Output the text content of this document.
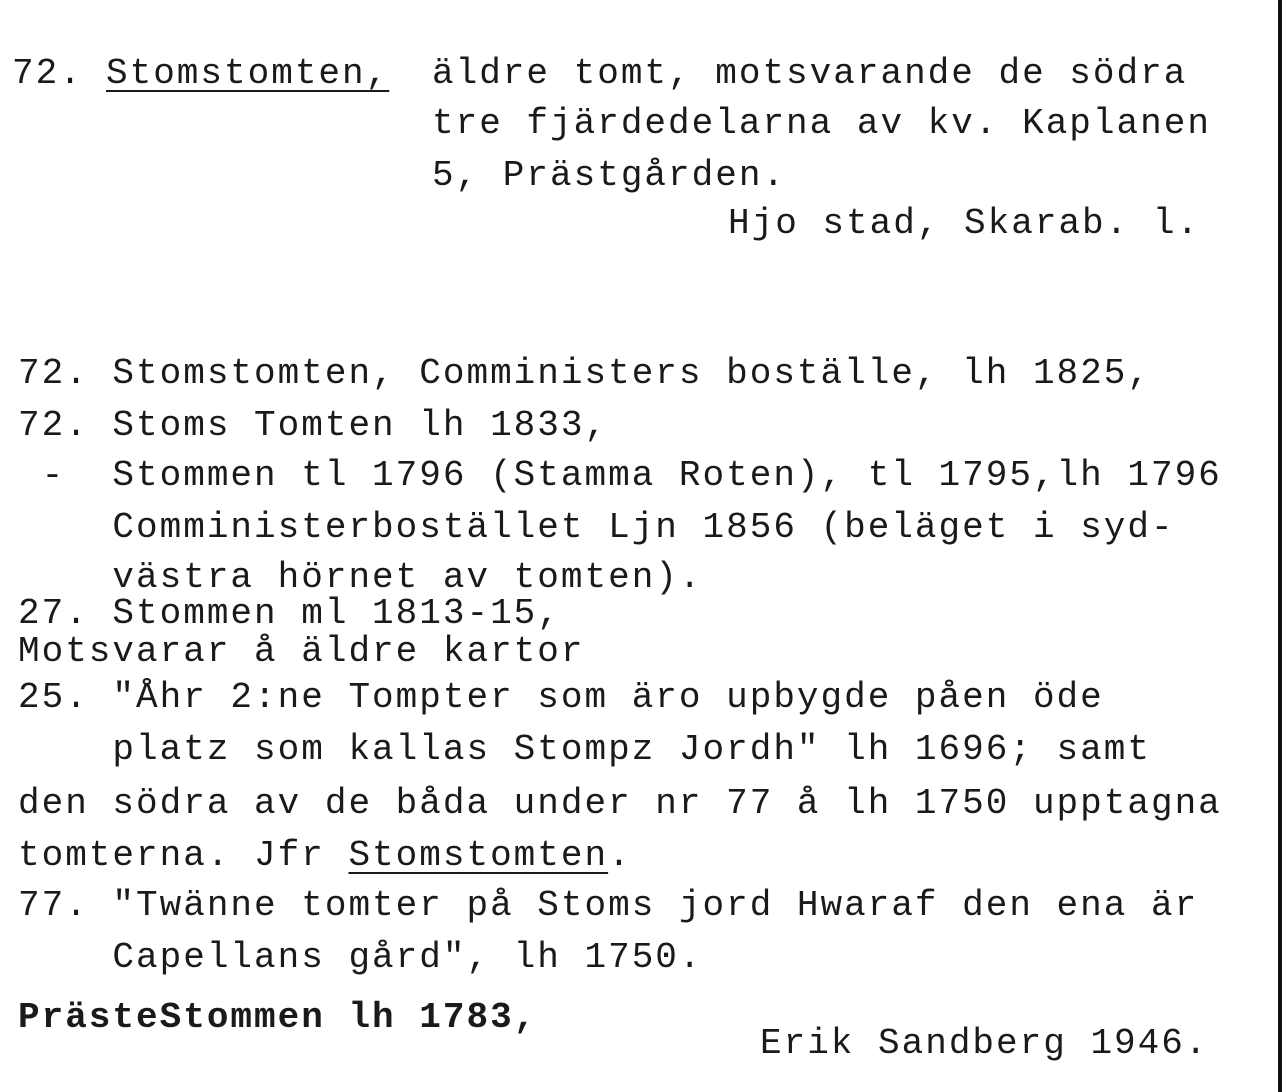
72. Stomstomten, äldre tomt, motsvarande de södra
tre fjärdedelarna av kv. Kaplanen
5, Prästgården.
Hjo stad, Skarab. l.
72. Stomstomten, Comministers boställe, lh 1825,
72. Stoms Tomten lh 1833,
-  Stommen tl 1796 (Stamma Roten), tl 1795,lh 1796
Comministerbostället Ljn 1856 (beläget i syd-
västra hörnet av tomten).
27. Stommen ml 1813-15,
Motsvarar å äldre kartor
25. "Åhr 2:ne Tompter som äro upbygde påen öde
platz som kallas Stompz Jordh" lh 1696; samt
den södra av de båda under nr 77 å lh 1750 upptagna
tomterna. Jfr Stomstomten.
77. "Twänne tomter på Stoms jord Hwaraf den ena är
Capellans gård", lh 1750.
PrästeStommen lh 1783,
Erik Sandberg 1946.
